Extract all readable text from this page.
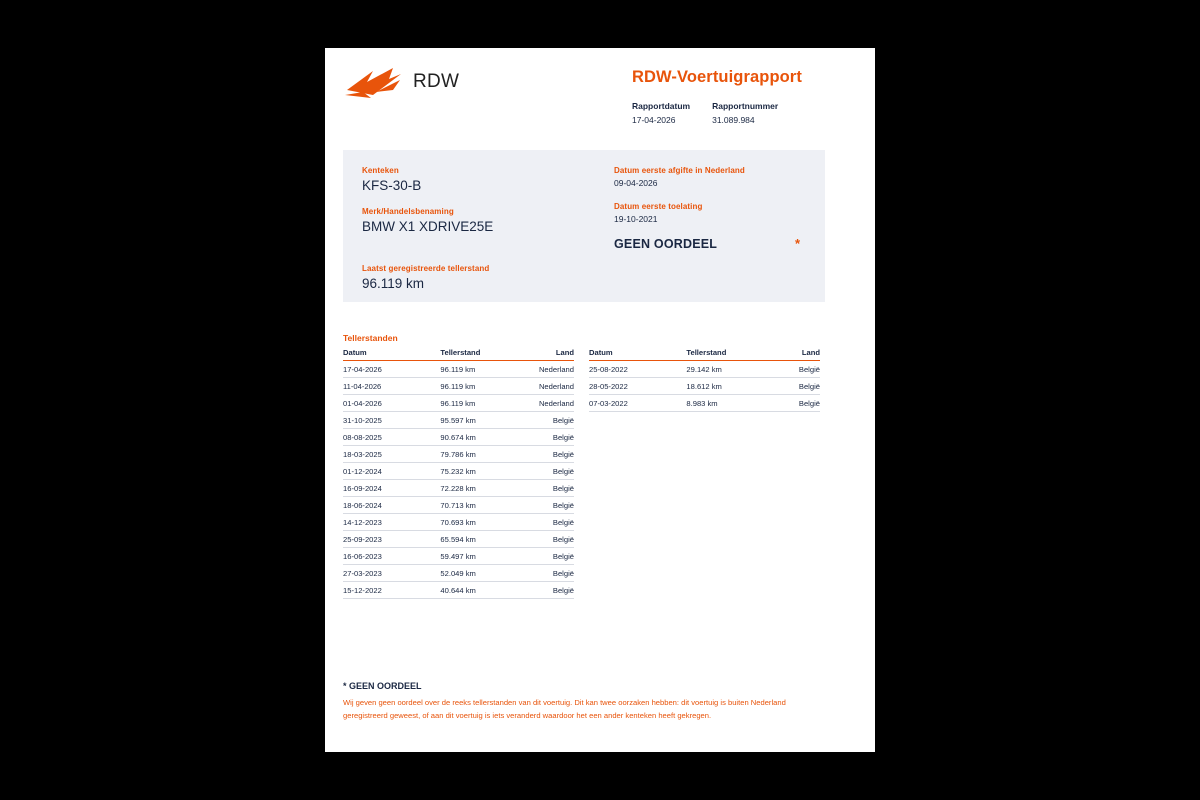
RDW	RDW-Voertuigrapport
Rapportdatum
17-04-2026
Rapportnummer
31.089.984
Kenteken
KFS-30-B
Merk/Handelsbenaming
BMW X1 XDRIVE25E
Datum eerste afgifte in Nederland
09-04-2026
Datum eerste toelating
19-10-2021
Laatst geregistreerde tellerstand
96.119 km
GEEN OORDEEL	*
Tellerstanden
Datum	Tellerstand	Land
17-04-2026	96.119 km	Nederland
11-04-2026	96.119 km	Nederland
01-04-2026	96.119 km	Nederland
31-10-2025	95.597 km	België
08-08-2025	90.674 km	België
18-03-2025	79.786 km	België
01-12-2024	75.232 km	België
16-09-2024	72.228 km	België
18-06-2024	70.713 km	België
14-12-2023	70.693 km	België
25-09-2023	65.594 km	België
16-06-2023	59.497 km	België
27-03-2023	52.049 km	België
15-12-2022	40.644 km	België
Datum	Tellerstand	Land
25-08-2022	29.142 km	België
28-05-2022	18.612 km	België
07-03-2022	8.983 km	België
* GEEN OORDEEL
Wij geven geen oordeel over de reeks tellerstanden van dit voertuig. Dit kan twee oorzaken hebben: dit voertuig is buiten Nederland geregistreerd geweest, of aan dit voertuig is iets veranderd waardoor het een ander kenteken heeft gekregen.
